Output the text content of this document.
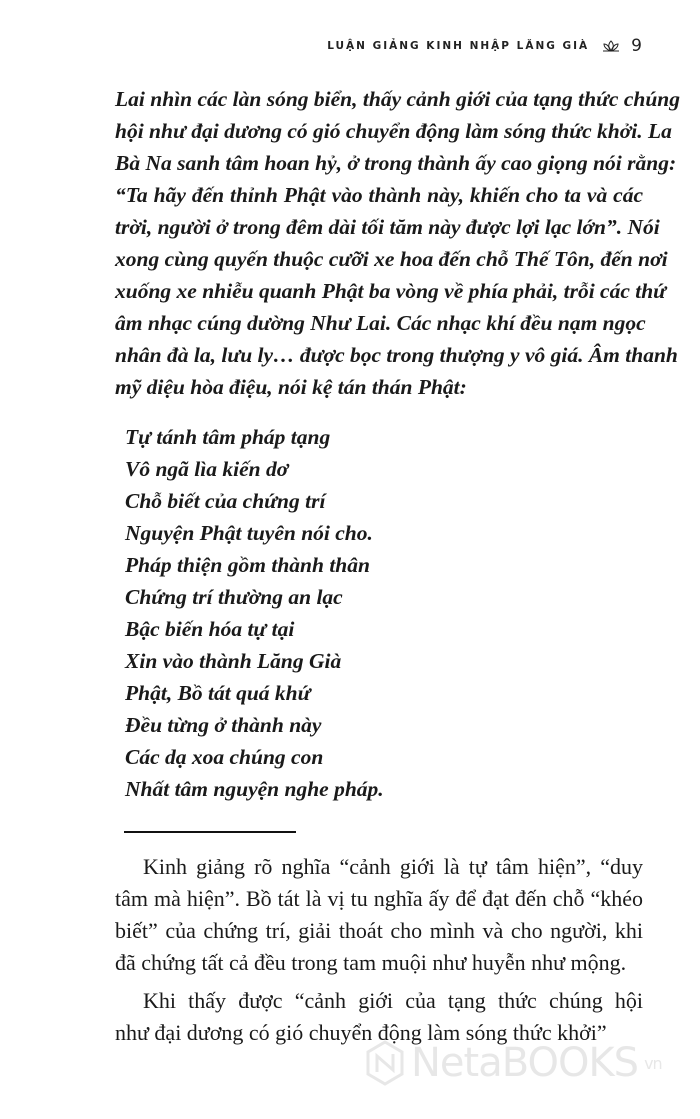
LUẬN GIẢNG KINH NHẬP LĂNG GIÀ 9
Lai nhìn các làn sóng biển, thấy cảnh giới của tạng thức chúng
hội như đại dương có gió chuyển động làm sóng thức khởi. La
Bà Na sanh tâm hoan hỷ, ở trong thành ấy cao giọng nói rằng:
“Ta hãy đến thỉnh Phật vào thành này, khiến cho ta và các
trời, người ở trong đêm dài tối tăm này được lợi lạc lớn”. Nói
xong cùng quyến thuộc cưỡi xe hoa đến chỗ Thế Tôn, đến nơi
xuống xe nhiễu quanh Phật ba vòng về phía phải, trỗi các thứ
âm nhạc cúng dường Như Lai. Các nhạc khí đều nạm ngọc
nhân đà la, lưu ly… được bọc trong thượng y vô giá. Âm thanh
mỹ diệu hòa điệu, nói kệ tán thán Phật:
Tự tánh tâm pháp tạng
Vô ngã lìa kiến dơ
Chỗ biết của chứng trí
Nguyện Phật tuyên nói cho.
Pháp thiện gồm thành thân
Chứng trí thường an lạc
Bậc biến hóa tự tại
Xin vào thành Lăng Già
Phật, Bồ tát quá khứ
Đều từng ở thành này
Các dạ xoa chúng con
Nhất tâm nguyện nghe pháp.
Kinh giảng rõ nghĩa “cảnh giới là tự tâm hiện”, “duy
tâm mà hiện”. Bồ tát là vị tu nghĩa ấy để đạt đến chỗ “khéo
biết” của chứng trí, giải thoát cho mình và cho người, khi
đã chứng tất cả đều trong tam muội như huyễn như mộng.
Khi thấy được “cảnh giới của tạng thức chúng hội
như đại dương có gió chuyển động làm sóng thức khởi”
NetaBOOKS vn
